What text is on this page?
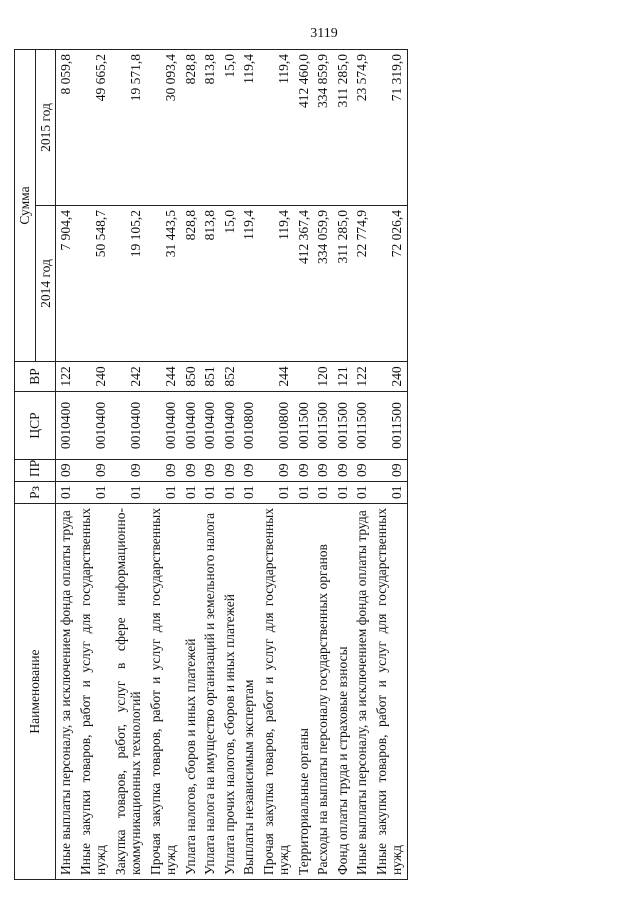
3119
Наименование	Рз	ПР	ЦСР	ВР	Сумма	
					2014 год	2015 год
Иные выплаты персоналу, за исключением фонда оплаты труда	01	09	0010400	122	7 904,4	8 059,8
Иные закупки товаров, работ и услуг для государственных нужд	01	09	0010400	240	50 548,7	49 665,2
Закупка товаров, работ, услуг в сфере информационно-коммуникационных технологий	01	09	0010400	242	19 105,2	19 571,8
Прочая закупка товаров, работ и услуг для государственных нужд	01	09	0010400	244	31 443,5	30 093,4
Уплата налогов, сборов и иных платежей	01	09	0010400	850	828,8	828,8
Уплата налога на имущество организаций и земельного налога	01	09	0010400	851	813,8	813,8
Уплата прочих налогов, сборов и иных платежей	01	09	0010400	852	15,0	15,0
Выплаты независимым экспертам	01	09	0010800		119,4	119,4
Прочая закупка товаров, работ и услуг для государственных нужд	01	09	0010800	244	119,4	119,4
Территориальные органы	01	09	0011500		412 367,4	412 460,0
Расходы на выплаты персоналу государственных органов	01	09	0011500	120	334 059,9	334 859,9
Фонд оплаты труда и страховые взносы	01	09	0011500	121	311 285,0	311 285,0
Иные выплаты персоналу, за исключением фонда оплаты труда	01	09	0011500	122	22 774,9	23 574,9
Иные закупки товаров, работ и услуг для государственных нужд	01	09	0011500	240	72 026,4	71 319,0
